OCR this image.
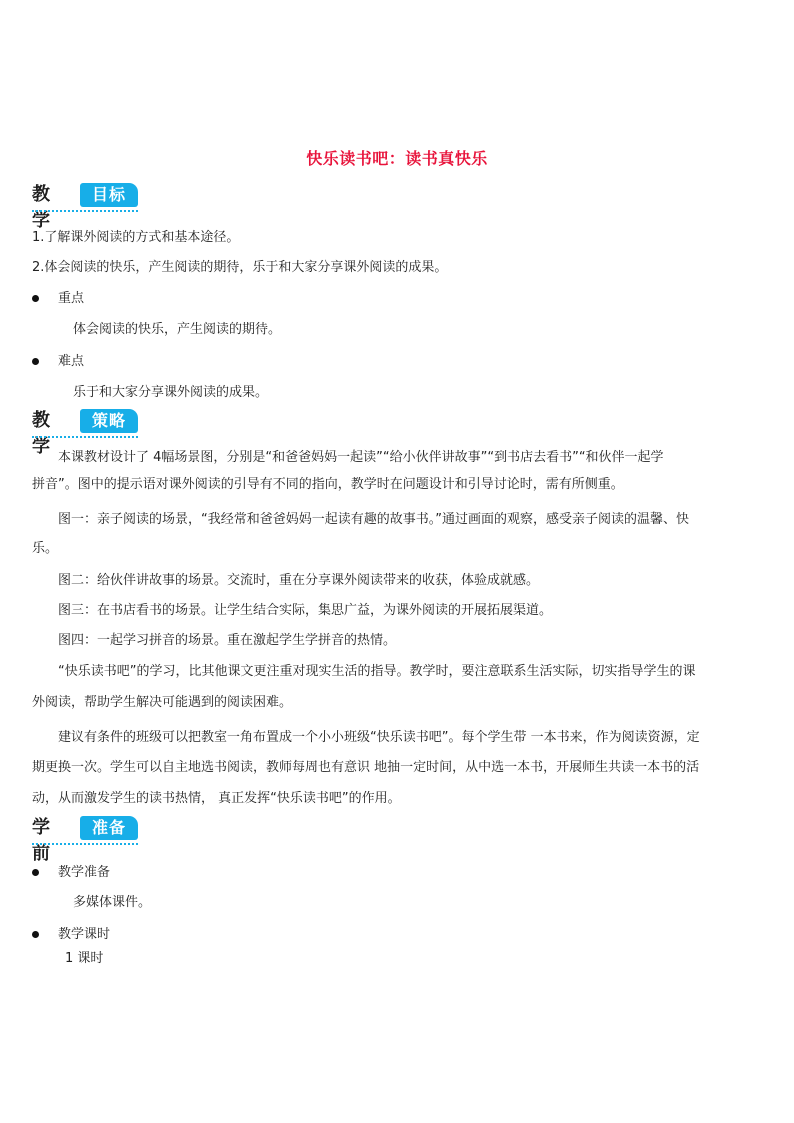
快乐读书吧：读书真快乐
教学
目标
1.了解课外阅读的方式和基本途径。
2.体会阅读的快乐，产生阅读的期待，乐于和大家分享课外阅读的成果。
重点
体会阅读的快乐，产生阅读的期待。
难点
乐于和大家分享课外阅读的成果。
教学
策略
本课教材设计了 4幅场景图，分别是“和爸爸妈妈一起读”“给小伙伴讲故事”“到书店去看书”“和伙伴一起学
拼音”。图中的提示语对课外阅读的引导有不同的指向，教学时在问题设计和引导讨论时，需有所侧重。
图一：亲子阅读的场景，“我经常和爸爸妈妈一起读有趣的故事书。”通过画面的观察，感受亲子阅读的温馨、快
乐。
图二：给伙伴讲故事的场景。交流时，重在分享课外阅读带来的收获，体验成就感。
图三：在书店看书的场景。让学生结合实际，集思广益，为课外阅读的开展拓展渠道。
图四：一起学习拼音的场景。重在激起学生学拼音的热情。
“快乐读书吧”的学习，比其他课文更注重对现实生活的指导。教学时，要注意联系生活实际，切实指导学生的课
外阅读，帮助学生解决可能遇到的阅读困难。
建议有条件的班级可以把教室一角布置成一个小小班级“快乐读书吧”。每个学生带 一本书来，作为阅读资源，定
期更换一次。学生可以自主地选书阅读，教师每周也有意识 地抽一定时间，从中选一本书，开展师生共读一本书的活
动，从而激发学生的读书热情， 真正发挥“快乐读书吧”的作用。
学前
准备
教学准备
多媒体课件。
教学课时
1 课时
